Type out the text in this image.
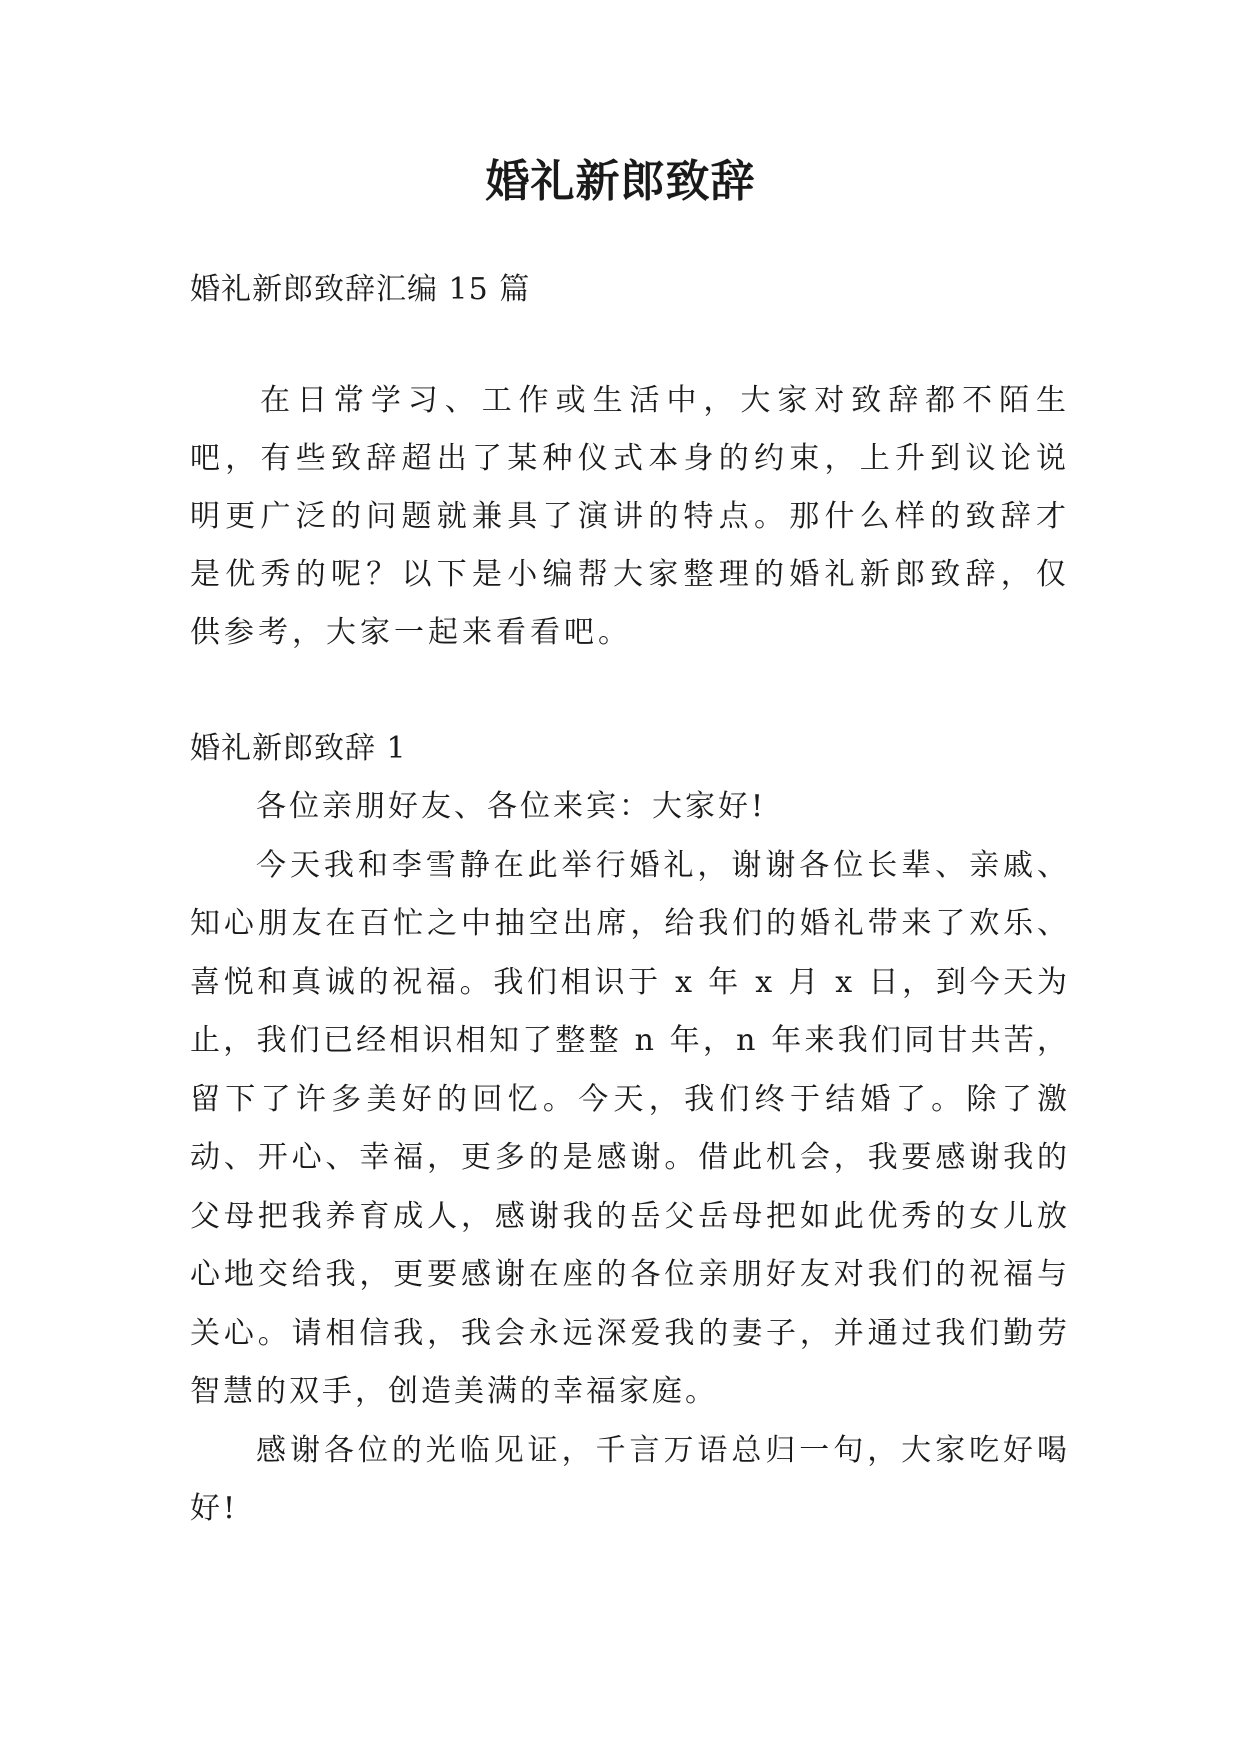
婚礼新郎致辞

婚礼新郎致辞汇编 15 篇

在日常学习、工作或生活中，大家对致辞都不陌生吧，有些致辞超出了某种仪式本身的约束，上升到议论说明更广泛的问题就兼具了演讲的特点。那什么样的致辞才是优秀的呢？以下是小编帮大家整理的婚礼新郎致辞，仅供参考，大家一起来看看吧。

婚礼新郎致辞 1

各位亲朋好友、各位来宾：大家好!

今天我和李雪静在此举行婚礼，谢谢各位长辈、亲戚、知心朋友在百忙之中抽空出席，给我们的婚礼带来了欢乐、喜悦和真诚的祝福。我们相识于 x 年 x 月 x 日，到今天为止，我们已经相识相知了整整 n 年，n 年来我们同甘共苦，留下了许多美好的回忆。今天，我们终于结婚了。除了激动、开心、幸福，更多的是感谢。借此机会，我要感谢我的父母把我养育成人，感谢我的岳父岳母把如此优秀的女儿放心地交给我，更要感谢在座的各位亲朋好友对我们的祝福与关心。请相信我，我会永远深爱我的妻子，并通过我们勤劳智慧的双手，创造美满的幸福家庭。

感谢各位的光临见证，千言万语总归一句，大家吃好喝好!
